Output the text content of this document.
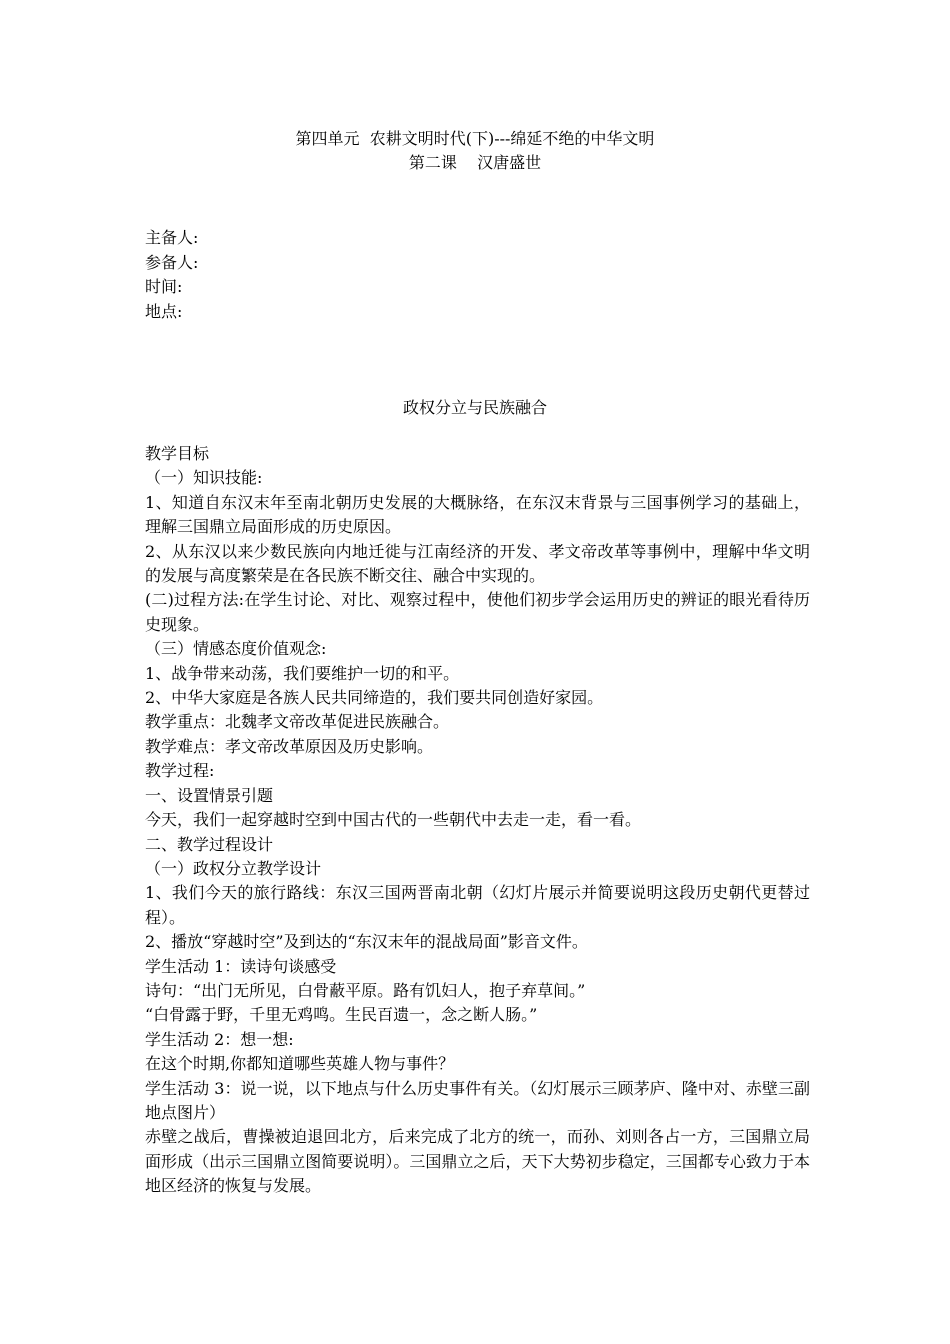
第四单元  农耕文明时代(下)---绵延不绝的中华文明
第二课    汉唐盛世
主备人:
参备人:
时间:
地点:
政权分立与民族融合
教学目标
（一）知识技能:
1、知道自东汉末年至南北朝历史发展的大概脉络，在东汉末背景与三国事例学习的基础上，理解三国鼎立局面形成的历史原因。
2、从东汉以来少数民族向内地迁徙与江南经济的开发、孝文帝改革等事例中，理解中华文明的发展与高度繁荣是在各民族不断交往、融合中实现的。
(二)过程方法:在学生讨论、对比、观察过程中，使他们初步学会运用历史的辨证的眼光看待历史现象。
（三）情感态度价值观念:
1、战争带来动荡，我们要维护一切的和平。
2、中华大家庭是各族人民共同缔造的，我们要共同创造好家园。
教学重点：北魏孝文帝改革促进民族融合。
教学难点：孝文帝改革原因及历史影响。
教学过程:
一、设置情景引题
今天，我们一起穿越时空到中国古代的一些朝代中去走一走，看一看。
二、教学过程设计
（一）政权分立教学设计
1、我们今天的旅行路线：东汉三国两晋南北朝（幻灯片展示并简要说明这段历史朝代更替过程）。
2、播放“穿越时空”及到达的“东汉末年的混战局面”影音文件。
学生活动 1：读诗句谈感受
诗句：“出门无所见，白骨蔽平原。路有饥妇人，抱子弃草间。”
“白骨露于野，千里无鸡鸣。生民百遗一，念之断人肠。”
学生活动 2：想一想:
在这个时期,你都知道哪些英雄人物与事件？
学生活动 3：说一说，以下地点与什么历史事件有关。（幻灯展示三顾茅庐、隆中对、赤壁三副地点图片）
赤壁之战后，曹操被迫退回北方，后来完成了北方的统一，而孙、刘则各占一方，三国鼎立局面形成（出示三国鼎立图简要说明）。三国鼎立之后，天下大势初步稳定，三国都专心致力于本地区经济的恢复与发展。
